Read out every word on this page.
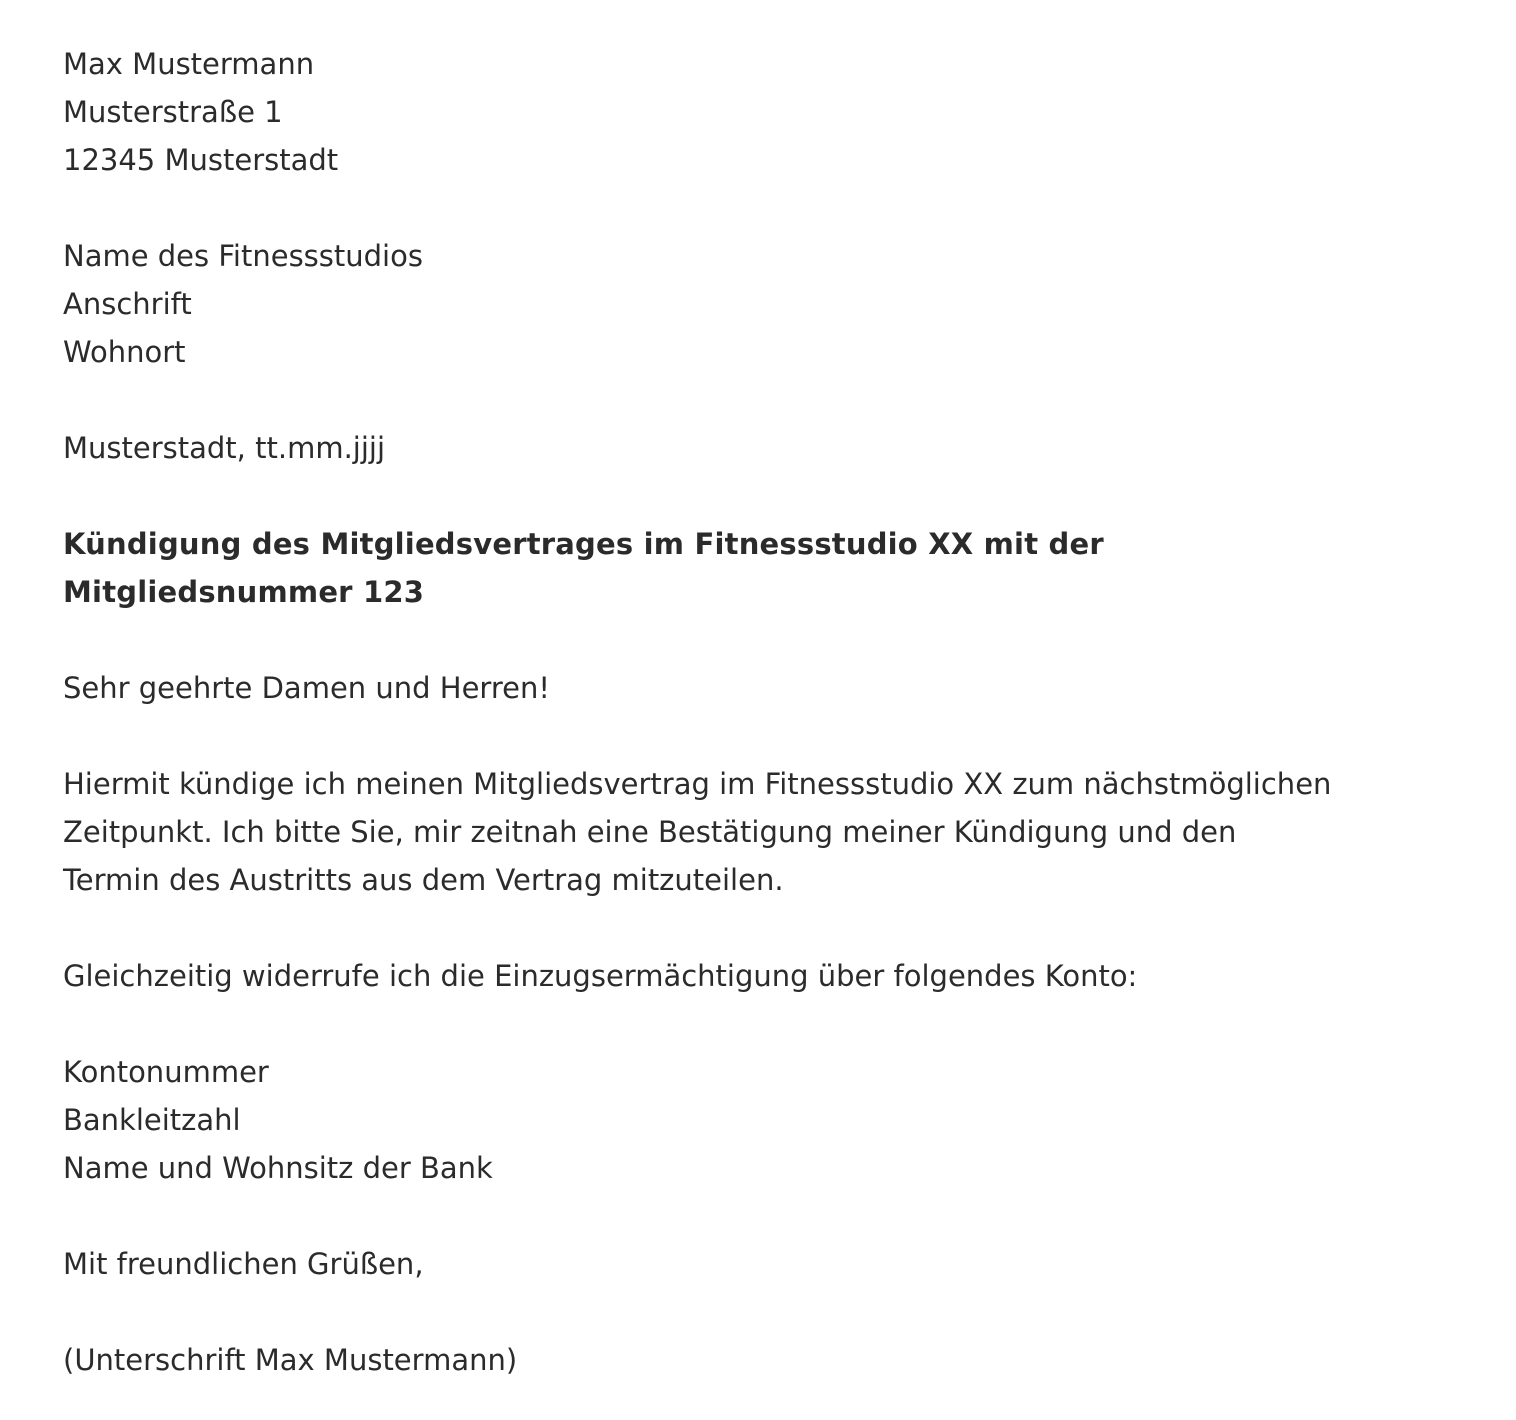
Max Mustermann
Musterstraße 1
12345 Musterstadt
Name des Fitnessstudios
Anschrift
Wohnort
Musterstadt, tt.mm.jjjj
Kündigung des Mitgliedsvertrages im Fitnessstudio XX mit der Mitgliedsnummer 123
Sehr geehrte Damen und Herren!
Hiermit kündige ich meinen Mitgliedsvertrag im Fitnessstudio XX zum nächstmöglichen Zeitpunkt. Ich bitte Sie, mir zeitnah eine Bestätigung meiner Kündigung und den Termin des Austritts aus dem Vertrag mitzuteilen.
Gleichzeitig widerrufe ich die Einzugsermächtigung über folgendes Konto:
Kontonummer
Bankleitzahl
Name und Wohnsitz der Bank
Mit freundlichen Grüßen,
(Unterschrift Max Mustermann)
